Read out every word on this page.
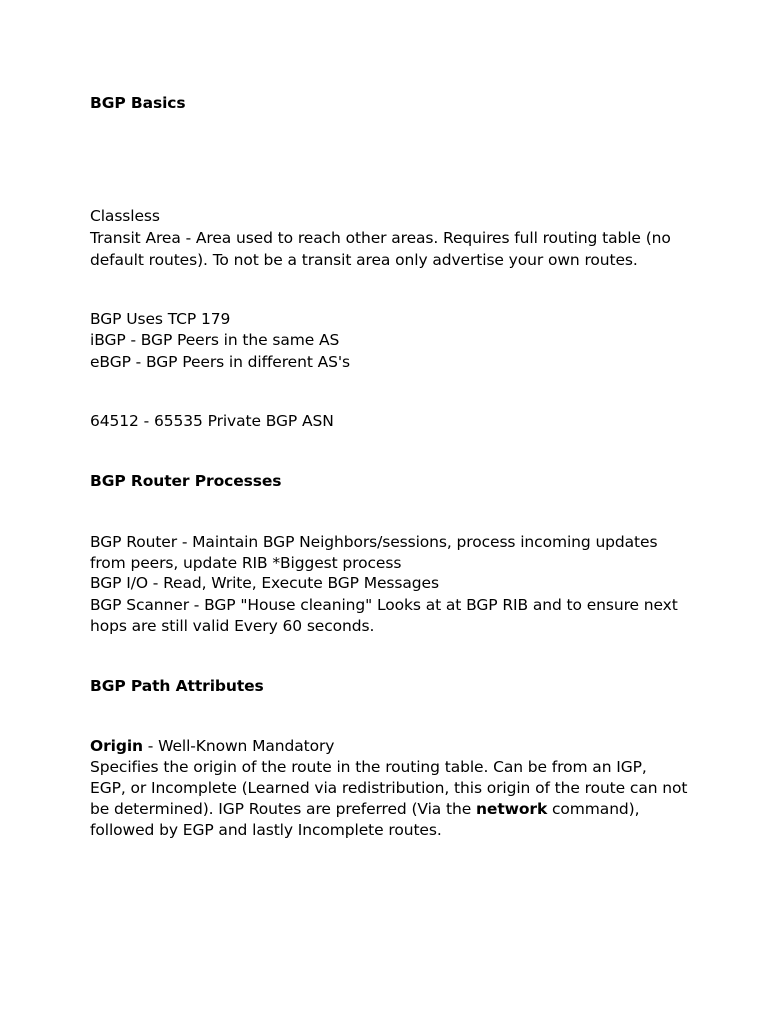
BGP Basics
Classless
Transit Area - Area used to reach other areas. Requires full routing table (no
default routes). To not be a transit area only advertise your own routes.
BGP Uses TCP 179
iBGP - BGP Peers in the same AS
eBGP - BGP Peers in different AS's
64512 - 65535 Private BGP ASN
BGP Router Processes
BGP Router - Maintain BGP Neighbors/sessions, process incoming updates
from peers, update RIB *Biggest process
BGP I/O - Read, Write, Execute BGP Messages
BGP Scanner - BGP "House cleaning" Looks at at BGP RIB and to ensure next
hops are still valid Every 60 seconds.
BGP Path Attributes
Origin - Well-Known Mandatory
Specifies the origin of the route in the routing table. Can be from an IGP,
EGP, or Incomplete (Learned via redistribution, this origin of the route can not
be determined). IGP Routes are preferred (Via the network command),
followed by EGP and lastly Incomplete routes.
